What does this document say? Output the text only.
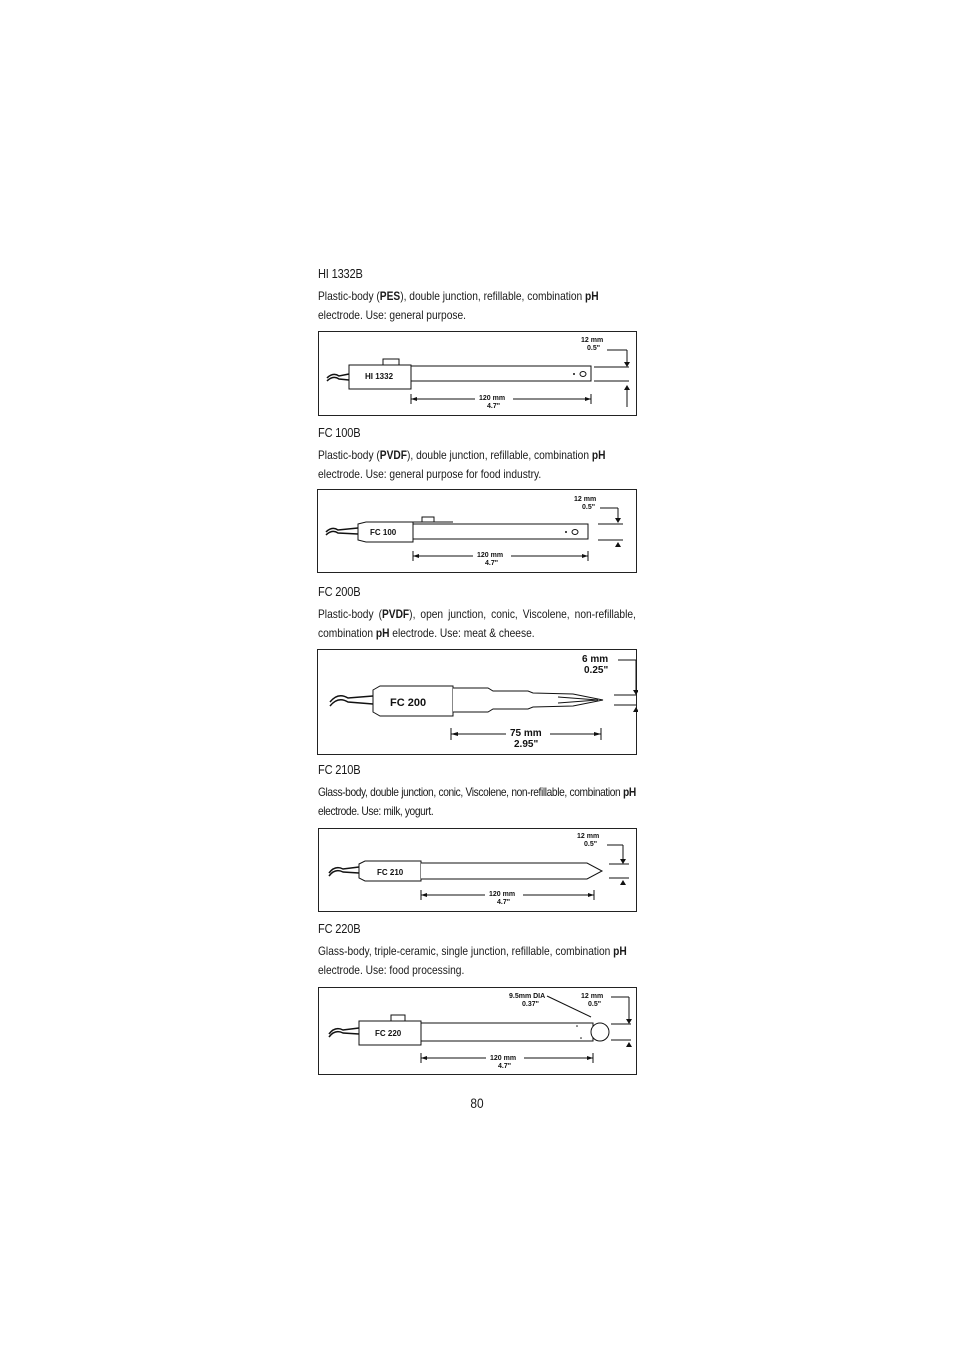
HI 1332B
Plastic-body (PES), double junction, refillable, combination pH
electrode. Use: general purpose.
HI 1332
12 mm
0.5"
120 mm
4.7"
FC 100B
Plastic-body (PVDF), double junction, refillable, combination pH
electrode. Use: general purpose for food industry.
FC 100
12 mm
0.5"
120 mm
4.7"
FC 200B
Plastic-body (PVDF), open junction, conic, Viscolene, non-refillable, combination pH electrode. Use: meat & cheese.
FC 200
6 mm
0.25"
75 mm
2.95"
FC 210B
Glass-body, double junction, conic, Viscolene, non-refillable, combination pH electrode. Use: milk, yogurt.
FC 210
12 mm
0.5"
120 mm
4.7"
FC 220B
Glass-body, triple-ceramic, single junction, refillable, combination pH
electrode. Use: food processing.
FC 220
9.5mm DIA
0.37"
12 mm
0.5"
120 mm
4.7"
80
